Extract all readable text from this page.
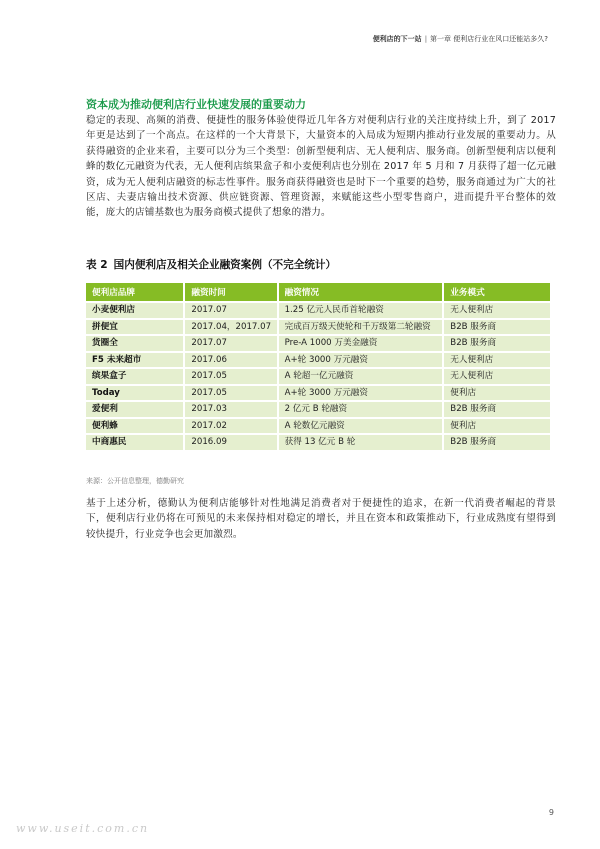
便利店的下一站 | 第一章 便利店行业在风口还能站多久?
资本成为推动便利店行业快速发展的重要动力
稳定的表现、高频的消费、便捷性的服务体验使得近几年各方对便利店行业的关注度持续上升，到了 2017 年更是达到了一个高点。在这样的一个大背景下，大量资本的入局成为短期内推动行业发展的重要动力。从获得融资的企业来看，主要可以分为三个类型：创新型便利店、无人便利店、服务商。创新型便利店以便利蜂的数亿元融资为代表，无人便利店缤果盒子和小麦便利店也分别在 2017 年 5 月和 7 月获得了超一亿元融资，成为无人便利店融资的标志性事件。服务商获得融资也是时下一个重要的趋势，服务商通过为广大的社区店、夫妻店输出技术资源、供应链资源、管理资源，来赋能这些小型零售商户，进而提升平台整体的效能，庞大的店铺基数也为服务商模式提供了想象的潜力。
表 2 国内便利店及相关企业融资案例（不完全统计）
便利店品牌	融资时间	融资情况	业务模式
小麦便利店	2017.07	1.25 亿元人民币首轮融资	无人便利店
拼便宜	2017.04，2017.07	完成百万级天使轮和千万级第二轮融资	B2B 服务商
货圈全	2017.07	Pre-A 1000 万美金融资	B2B 服务商
F5 未来超市	2017.06	A+轮 3000 万元融资	无人便利店
缤果盒子	2017.05	A 轮超一亿元融资	无人便利店
Today	2017.05	A+轮 3000 万元融资	便利店
爱便利	2017.03	2 亿元 B 轮融资	B2B 服务商
便利蜂	2017.02	A 轮数亿元融资	便利店
中商惠民	2016.09	获得 13 亿元 B 轮	B2B 服务商
来源：公开信息整理，德勤研究
基于上述分析，德勤认为便利店能够针对性地满足消费者对于便捷性的追求，在新一代消费者崛起的背景下，便利店行业仍将在可预见的未来保持相对稳定的增长，并且在资本和政策推动下，行业成熟度有望得到较快提升，行业竞争也会更加激烈。
9
www.useit.com.cn
